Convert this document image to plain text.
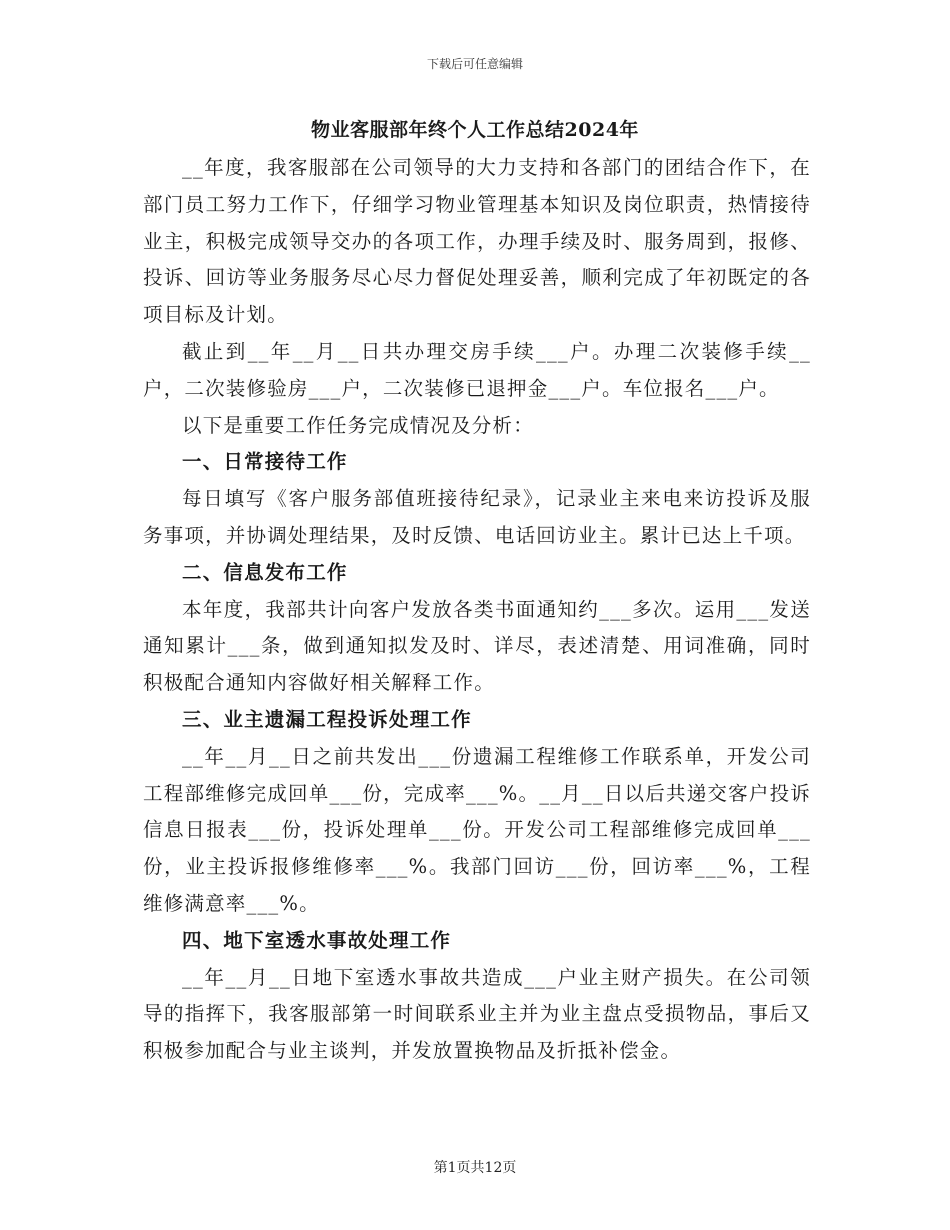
下载后可任意编辑
物业客服部年终个人工作总结2024年

__年度，我客服部在公司领导的大力支持和各部门的团结合作下，在部门员工努力工作下，仔细学习物业管理基本知识及岗位职责，热情接待业主，积极完成领导交办的各项工作，办理手续及时、服务周到，报修、投诉、回访等业务服务尽心尽力督促处理妥善，顺利完成了年初既定的各项目标及计划。

截止到__年__月__日共办理交房手续___户。办理二次装修手续__户，二次装修验房___户，二次装修已退押金___户。车位报名___户。

以下是重要工作任务完成情况及分析：

一、日常接待工作

每日填写《客户服务部值班接待纪录》，记录业主来电来访投诉及服务事项，并协调处理结果，及时反馈、电话回访业主。累计已达上千项。

二、信息发布工作

本年度，我部共计向客户发放各类书面通知约___多次。运用___发送通知累计___条，做到通知拟发及时、详尽，表述清楚、用词准确，同时积极配合通知内容做好相关解释工作。

三、业主遗漏工程投诉处理工作

__年__月__日之前共发出___份遗漏工程维修工作联系单，开发公司工程部维修完成回单___份，完成率___%。__月__日以后共递交客户投诉信息日报表___份，投诉处理单___份。开发公司工程部维修完成回单___份，业主投诉报修维修率___%。我部门回访___份，回访率___%，工程维修满意率___%。

四、地下室透水事故处理工作

__年__月__日地下室透水事故共造成___户业主财产损失。在公司领导的指挥下，我客服部第一时间联系业主并为业主盘点受损物品，事后又积极参加配合与业主谈判，并发放置换物品及折抵补偿金。

第1页共12页
